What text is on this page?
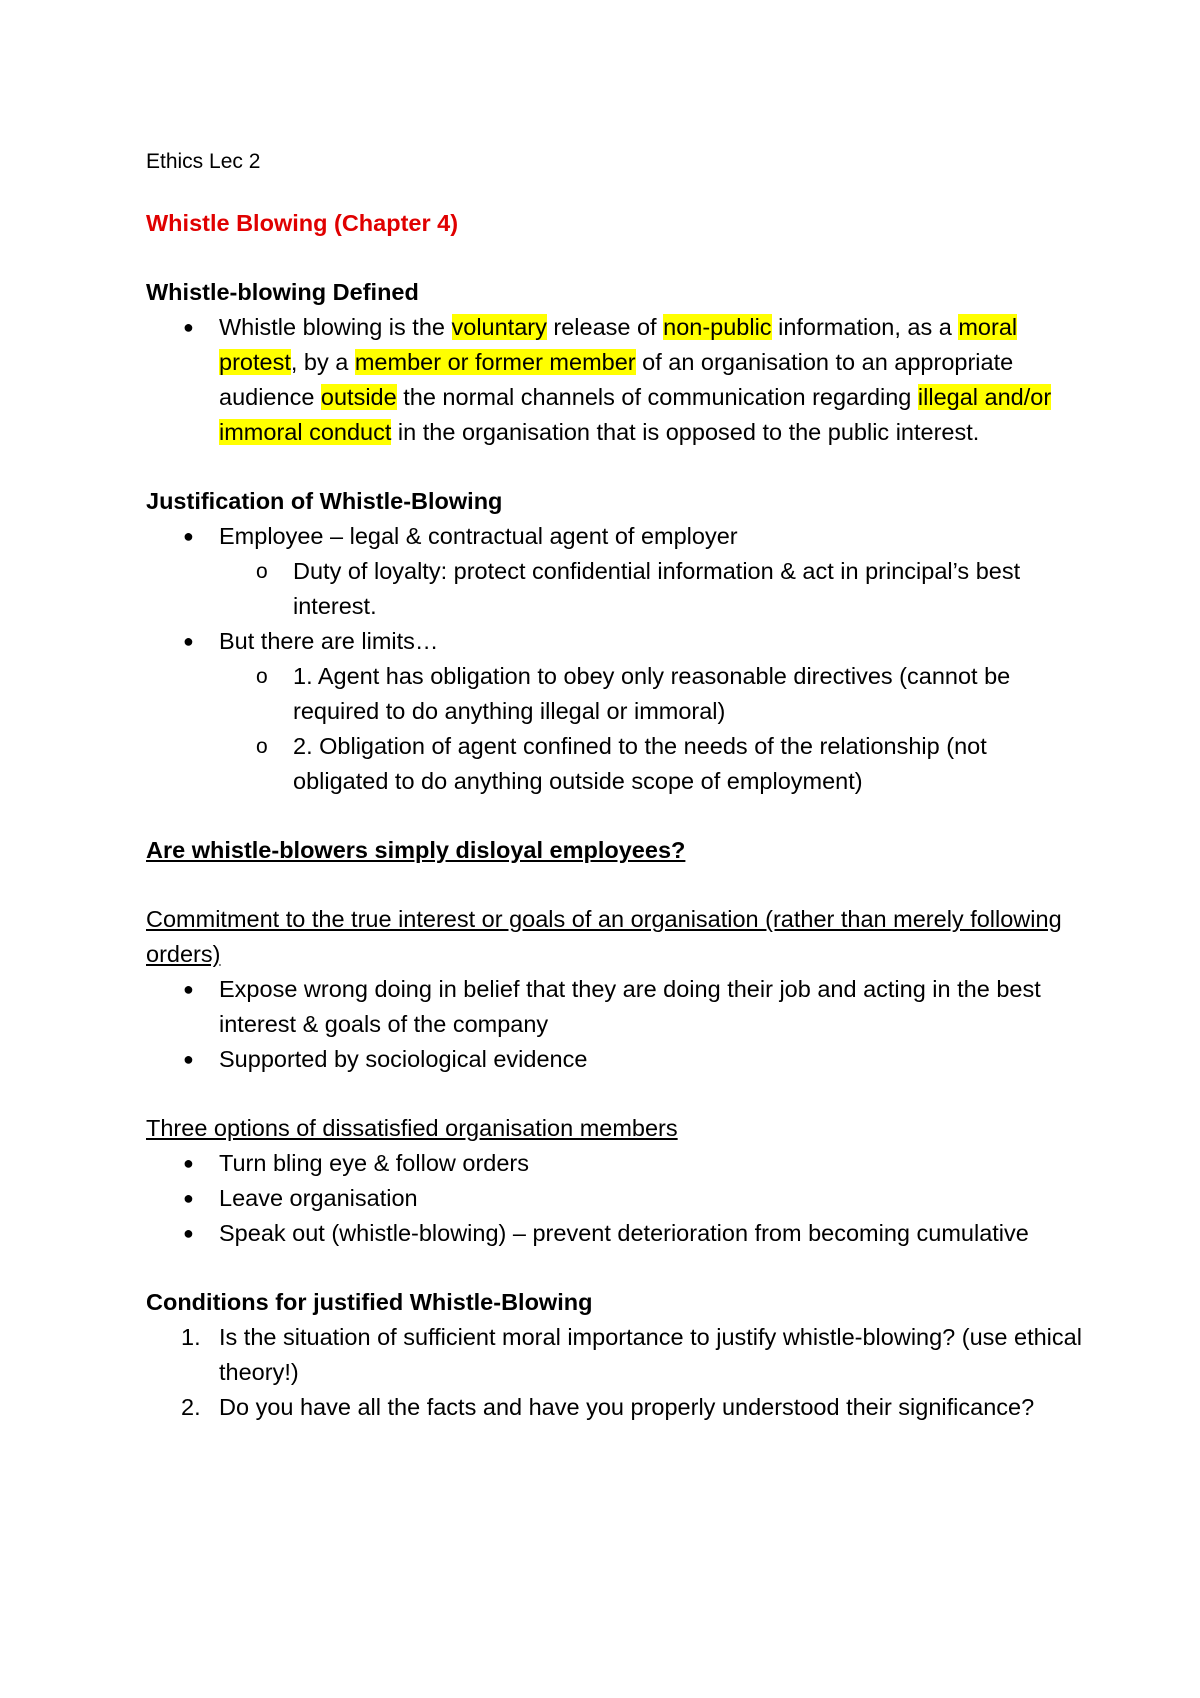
Ethics Lec 2

Whistle Blowing (Chapter 4)

Whistle-blowing Defined

● Whistle blowing is the voluntary release of non-public information, as a moral protest, by a member or former member of an organisation to an appropriate audience outside the normal channels of communication regarding illegal and/or immoral conduct in the organisation that is opposed to the public interest.

Justification of Whistle-Blowing

● Employee – legal & contractual agent of employer
o Duty of loyalty: protect confidential information & act in principal’s best interest.
● But there are limits…
o 1. Agent has obligation to obey only reasonable directives (cannot be required to do anything illegal or immoral)
o 2. Obligation of agent confined to the needs of the relationship (not obligated to do anything outside scope of employment)

Are whistle-blowers simply disloyal employees?

Commitment to the true interest or goals of an organisation (rather than merely following orders)

● Expose wrong doing in belief that they are doing their job and acting in the best interest & goals of the company
● Supported by sociological evidence

Three options of dissatisfied organisation members

● Turn bling eye & follow orders
● Leave organisation
● Speak out (whistle-blowing) – prevent deterioration from becoming cumulative

Conditions for justified Whistle-Blowing

1. Is the situation of sufficient moral importance to justify whistle-blowing? (use ethical theory!)
2. Do you have all the facts and have you properly understood their significance?
